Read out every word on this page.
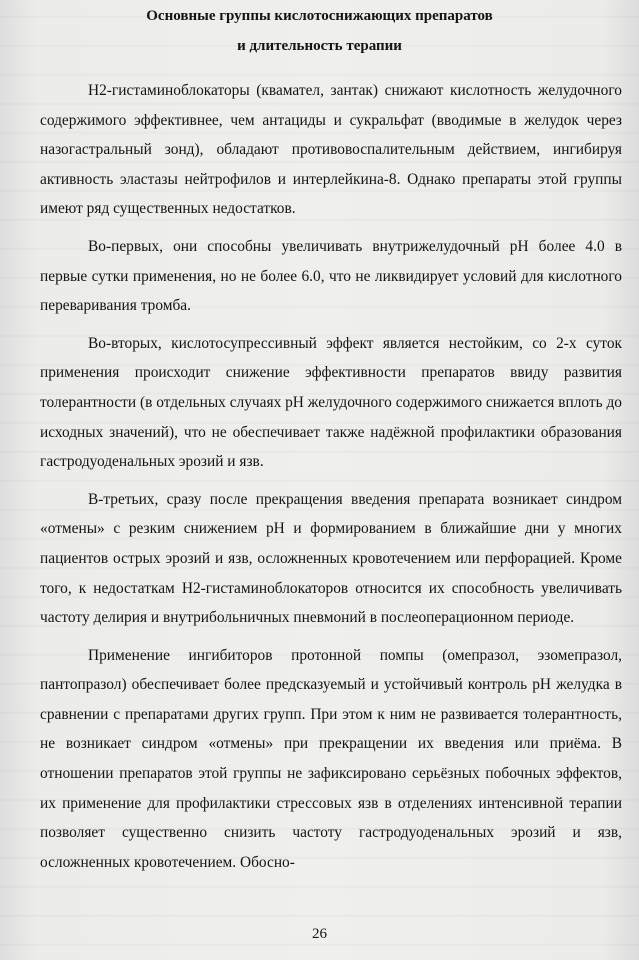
Основные группы кислотоснижающих препаратов
и длительность терапии

Н2-гистаминоблокаторы (квамател, зантак) снижают кислотность желудочного содержимого эффективнее, чем антациды и сукральфат (вводимые в желудок через назогастральный зонд), обладают противовоспалительным действием, ингибируя активность эластазы нейтрофилов и интерлейкина-8. Однако препараты этой группы имеют ряд существенных недостатков.

Во-первых, они способны увеличивать внутрижелудочный рН более 4.0 в первые сутки применения, но не более 6.0, что не ликвидирует условий для кислотного переваривания тромба.

Во-вторых, кислотосупрессивный эффект является нестойким, со 2-х суток применения происходит снижение эффективности препаратов ввиду развития толерантности (в отдельных случаях рН желудочного содержимого снижается вплоть до исходных значений), что не обеспечивает также надёжной профилактики образования гастродуоденальных эрозий и язв.

В-третьих, сразу после прекращения введения препарата возникает синдром «отмены» с резким снижением рН и формированием в ближайшие дни у многих пациентов острых эрозий и язв, осложненных кровотечением или перфорацией. Кроме того, к недостаткам Н2-гистаминоблокаторов относится их способность увеличивать частоту делирия и внутрибольничных пневмоний в послеоперационном периоде.

Применение ингибиторов протонной помпы (омепразол, эзомепразол, пантопразол) обеспечивает более предсказуемый и устойчивый контроль рН желудка в сравнении с препаратами других групп. При этом к ним не развивается толерантность, не возникает синдром «отмены» при прекращении их введения или приёма. В отношении препаратов этой группы не зафиксировано серьёзных побочных эффектов, их применение для профилактики стрессовых язв в отделениях интенсивной терапии позволяет существенно снизить частоту гастродуоденальных эрозий и язв, осложненных кровотечением. Обосно-

26
